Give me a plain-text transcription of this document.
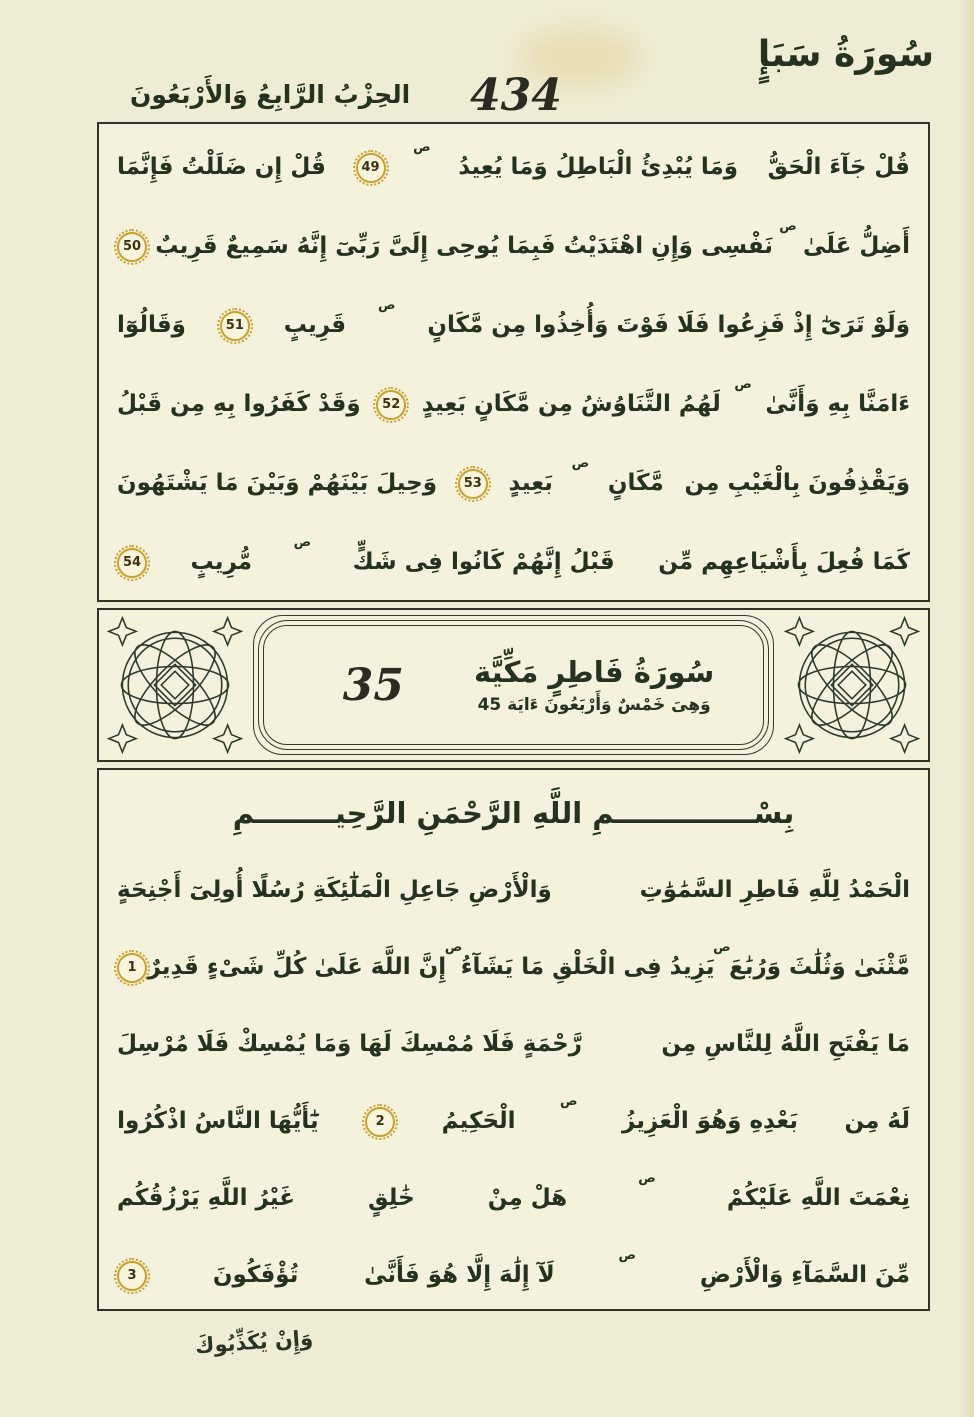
سُورَةُ سَبَإٍ
434
الحِزْبُ الرَّابِعُ وَالأَرْبَعُونَ
قُلْ جَآءَ الْحَقُّ
وَمَا يُبْدِئُ الْبَاطِلُ وَمَا يُعِيدُ
ص
49
قُلْ إِن ضَلَلْتُ فَإِنَّمَا
أَضِلُّ عَلَىٰ
ص
نَفْسِى
وَإِنِ اهْتَدَيْتُ فَبِمَا يُوحِى إِلَىَّ رَبِّىٓ إِنَّهُ سَمِيعٌ قَرِيبٌ
50
وَلَوْ تَرَىٰٓ إِذْ فَزِعُوا فَلَا فَوْتَ وَأُخِذُوا مِن مَّكَانٍ
ص
قَرِيبٍ
51
وَقَالُوٓا
ءَامَنَّا بِهِ وَأَنَّىٰ
ص
لَهُمُ التَّنَاوُشُ مِن مَّكَانٍ بَعِيدٍ
52
وَقَدْ كَفَرُوا بِهِ مِن قَبْلُ
وَيَقْذِفُونَ بِالْغَيْبِ مِن
مَّكَانٍ
ص
بَعِيدٍ
53
وَحِيلَ بَيْنَهُمْ وَبَيْنَ مَا يَشْتَهُونَ
كَمَا فُعِلَ بِأَشْيَاعِهِم مِّن
قَبْلُ إِنَّهُمْ كَانُوا فِى شَكٍّ
ص
مُّرِيبٍ
54
سُورَةُ فَاطِرٍ مَكِّيَّة
وَهِىَ خَمْسٌ وَأَرْبَعُونَ ءَايَة 45
35
بِسْــــــــــــــمِ اللَّهِ الرَّحْمَنِ الرَّحِيــــــــمِ
الْحَمْدُ لِلَّهِ فَاطِرِ السَّمَٰوَٰتِ
وَالْأَرْضِ جَاعِلِ الْمَلَٰٓئِكَةِ رُسُلًا أُولِىٓ أَجْنِحَةٍ
مَّثْنَىٰ وَثُلَٰثَ وَرُبَٰعَ
ص
يَزِيدُ فِى الْخَلْقِ مَا يَشَآءُ
ص
إِنَّ اللَّهَ عَلَىٰ كُلِّ شَىْءٍ قَدِيرٌ
1
مَا يَفْتَحِ اللَّهُ لِلنَّاسِ مِن
رَّحْمَةٍ فَلَا مُمْسِكَ لَهَا وَمَا يُمْسِكْ فَلَا مُرْسِلَ
لَهُ مِن
بَعْدِهِ وَهُوَ الْعَزِيزُ
ص
الْحَكِيمُ
2
يَٰٓأَيُّهَا النَّاسُ اذْكُرُوا
نِعْمَتَ اللَّهِ عَلَيْكُمْ
ص
هَلْ مِنْ
خَٰلِقٍ
غَيْرُ اللَّهِ يَرْزُقُكُم
مِّنَ السَّمَآءِ وَالْأَرْضِ
ص
لَآ إِلَٰهَ إِلَّا هُوَ فَأَنَّىٰ
تُؤْفَكُونَ
3
وَإِنْ يُكَذِّبُوكَ
